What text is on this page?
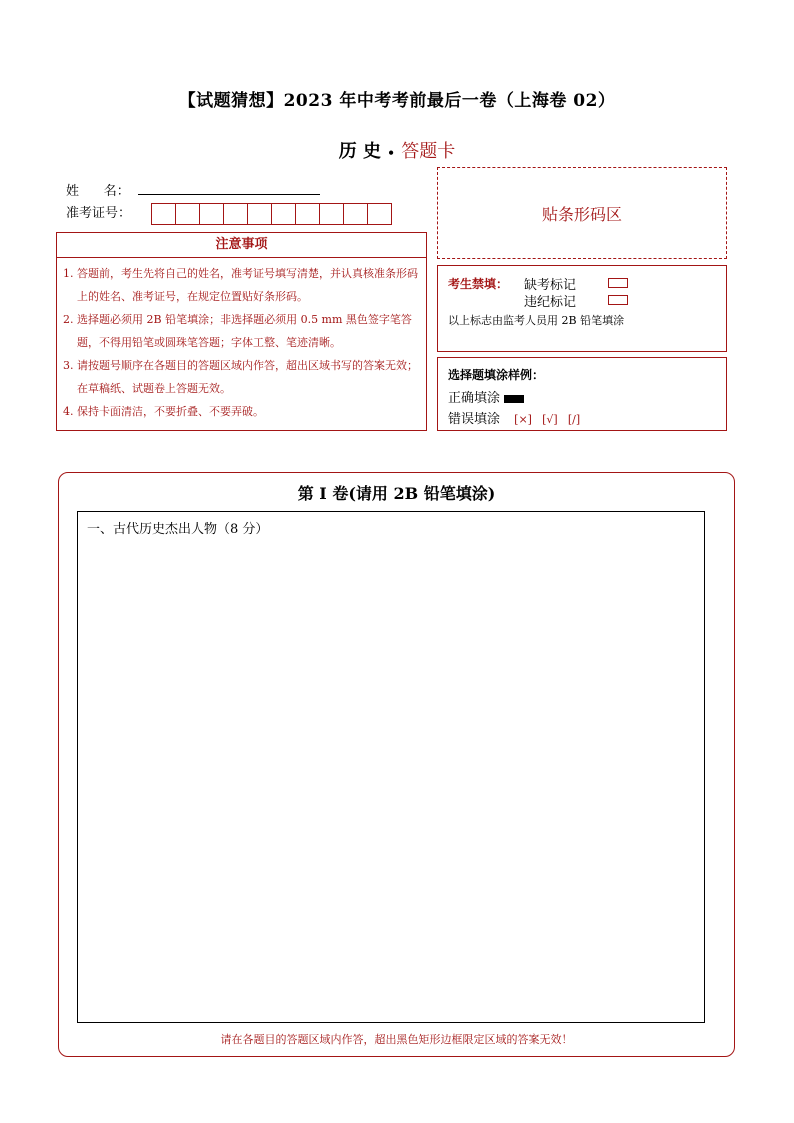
【试题猜想】2023 年中考考前最后一卷（上海卷 02）
历 史 • 答题卡
姓      名：
准考证号：	贴条形码区
注意事项
1. 答题前，考生先将自己的姓名，准考证号填写清楚，并认真核准条形码上的姓名、准考证号，在规定位置贴好条形码。
2. 选择题必须用 2B 铅笔填涂；非选择题必须用 0.5 mm 黑色签字笔答题，不得用铅笔或圆珠笔答题；字体工整、笔迹清晰。
3. 请按题号顺序在各题目的答题区域内作答，超出区域书写的答案无效；在草稿纸、试题卷上答题无效。
4. 保持卡面清洁，不要折叠、不要弄破。
考生禁填： 缺考标记
违纪标记
以上标志由监考人员用 2B 铅笔填涂
选择题填涂样例：
正确填涂
错误填涂 [×] [√] [/]
第 Ⅰ 卷(请用 2B 铅笔填涂)
一、古代历史杰出人物（8 分）
请在各题目的答题区域内作答，超出黑色矩形边框限定区域的答案无效！
